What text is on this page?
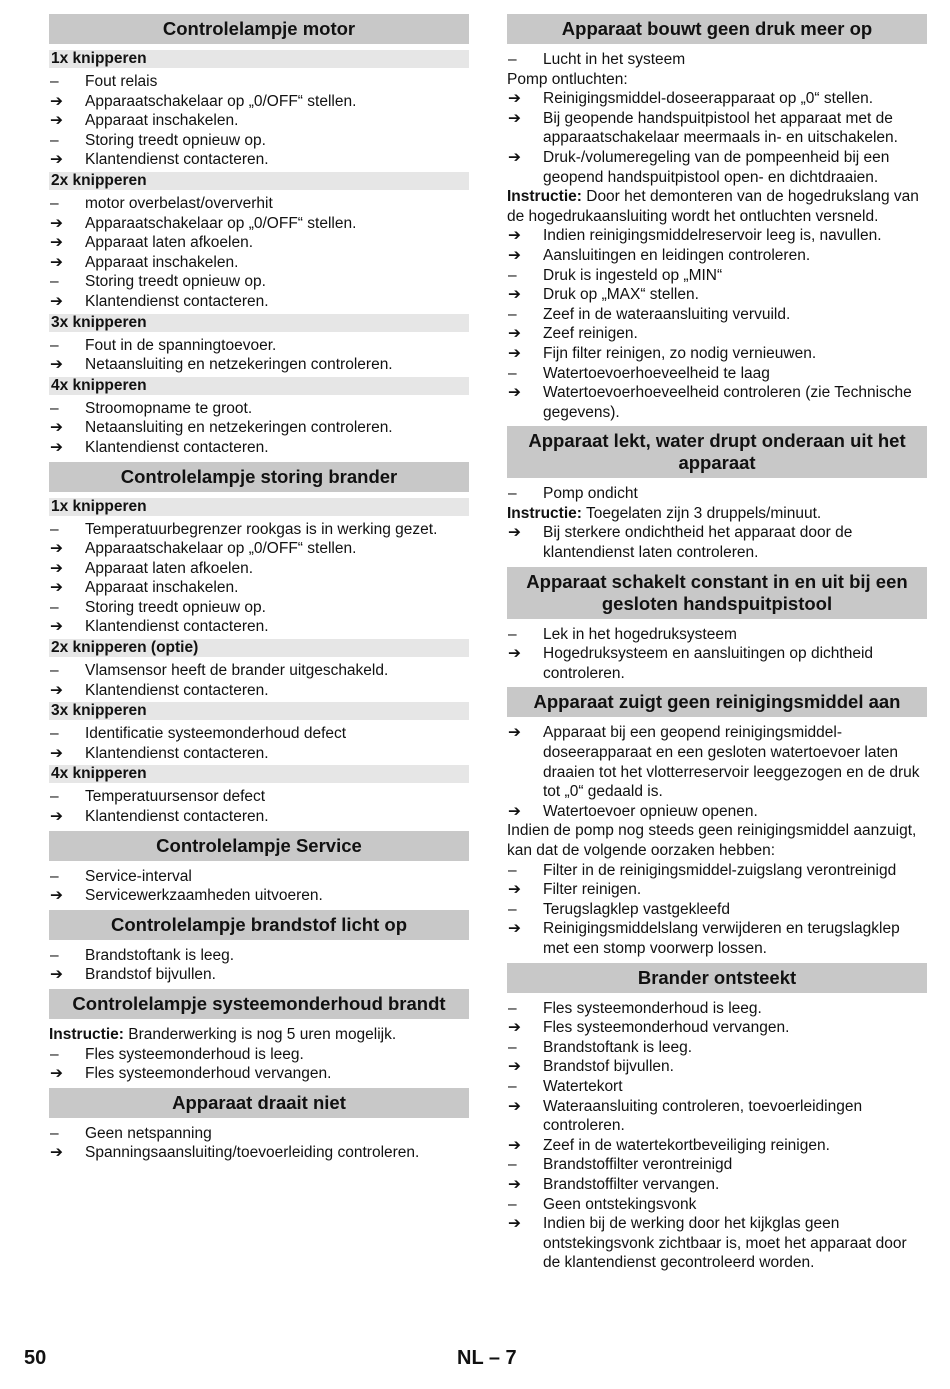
Controlelampje motor
1x knipperen
–	Fout relais
➔	Apparaatschakelaar op „0/OFF“ stellen.
➔	Apparaat inschakelen.
–	Storing treedt opnieuw op.
➔	Klantendienst contacteren.
2x knipperen
–	motor overbelast/oververhit
➔	Apparaatschakelaar op „0/OFF“ stellen.
➔	Apparaat laten afkoelen.
➔	Apparaat inschakelen.
–	Storing treedt opnieuw op.
➔	Klantendienst contacteren.
3x knipperen
–	Fout in de spanningtoevoer.
➔	Netaansluiting en netzekeringen controleren.
4x knipperen
–	Stroomopname te groot.
➔	Netaansluiting en netzekeringen controleren.
➔	Klantendienst contacteren.
Controlelampje storing brander
1x knipperen
–	Temperatuurbegrenzer rookgas is in werking gezet.
➔	Apparaatschakelaar op „0/OFF“ stellen.
➔	Apparaat laten afkoelen.
➔	Apparaat inschakelen.
–	Storing treedt opnieuw op.
➔	Klantendienst contacteren.
2x knipperen (optie)
–	Vlamsensor heeft de brander uitgeschakeld.
➔	Klantendienst contacteren.
3x knipperen
–	Identificatie systeemonderhoud defect
➔	Klantendienst contacteren.
4x knipperen
–	Temperatuursensor defect
➔	Klantendienst contacteren.
Controlelampje Service
–	Service-interval
➔	Servicewerkzaamheden uitvoeren.
Controlelampje brandstof licht op
–	Brandstoftank is leeg.
➔	Brandstof bijvullen.
Controlelampje systeemonderhoud brandt
Instructie: Branderwerking is nog 5 uren mogelijk.
–	Fles systeemonderhoud is leeg.
➔	Fles systeemonderhoud vervangen.
Apparaat draait niet
–	Geen netspanning
➔	Spanningsaansluiting/toevoerleiding controleren.
Apparaat bouwt geen druk meer op
–	Lucht in het systeem
Pomp ontluchten:
➔	Reinigingsmiddel-doseerapparaat op „0“ stellen.
➔	Bij geopende handspuitpistool het apparaat met de apparaatschakelaar meermaals in- en uitschakelen.
➔	Druk-/volumeregeling van de pompeenheid bij een geopend handspuitpistool open- en dichtdraaien.
Instructie: Door het demonteren van de hogedrukslang van de hogedrukaansluiting wordt het ontluchten versneld.
➔	Indien reinigingsmiddelreservoir leeg is, navullen.
➔	Aansluitingen en leidingen controleren.
–	Druk is ingesteld op „MIN“
➔	Druk op „MAX“ stellen.
–	Zeef in de wateraansluiting vervuild.
➔	Zeef reinigen.
➔	Fijn filter reinigen, zo nodig vernieuwen.
–	Watertoevoerhoeveelheid te laag
➔	Watertoevoerhoeveelheid controleren (zie Technische gegevens).
Apparaat lekt, water drupt onderaan uit het apparaat
–	Pomp ondicht
Instructie: Toegelaten zijn 3 druppels/minuut.
➔	Bij sterkere ondichtheid het apparaat door de klantendienst laten controleren.
Apparaat schakelt constant in en uit bij een gesloten handspuitpistool
–	Lek in het hogedruksysteem
➔	Hogedruksysteem en aansluitingen op dichtheid controleren.
Apparaat zuigt geen reinigingsmiddel aan
➔	Apparaat bij een geopend reinigingsmiddel-doseerapparaat en een gesloten watertoevoer laten draaien tot het vlotterreservoir leeggezogen en de druk tot „0“ gedaald is.
➔	Watertoevoer opnieuw openen.
Indien de pomp nog steeds geen reinigingsmiddel aanzuigt, kan dat de volgende oorzaken hebben:
–	Filter in de reinigingsmiddel-zuigslang verontreinigd
➔	Filter reinigen.
–	Terugslagklep vastgekleefd
➔	Reinigingsmiddelslang verwijderen en terugslagklep met een stomp voorwerp lossen.
Brander ontsteekt
–	Fles systeemonderhoud is leeg.
➔	Fles systeemonderhoud vervangen.
–	Brandstoftank is leeg.
➔	Brandstof bijvullen.
–	Watertekort
➔	Wateraansluiting controleren, toevoerleidingen controleren.
➔	Zeef in de watertekortbeveiliging reinigen.
–	Brandstoffilter verontreinigd
➔	Brandstoffilter vervangen.
–	Geen ontstekingsvonk
➔	Indien bij de werking door het kijkglas geen ontstekingsvonk zichtbaar is, moet het apparaat door de klantendienst gecontroleerd worden.
50	NL – 7
